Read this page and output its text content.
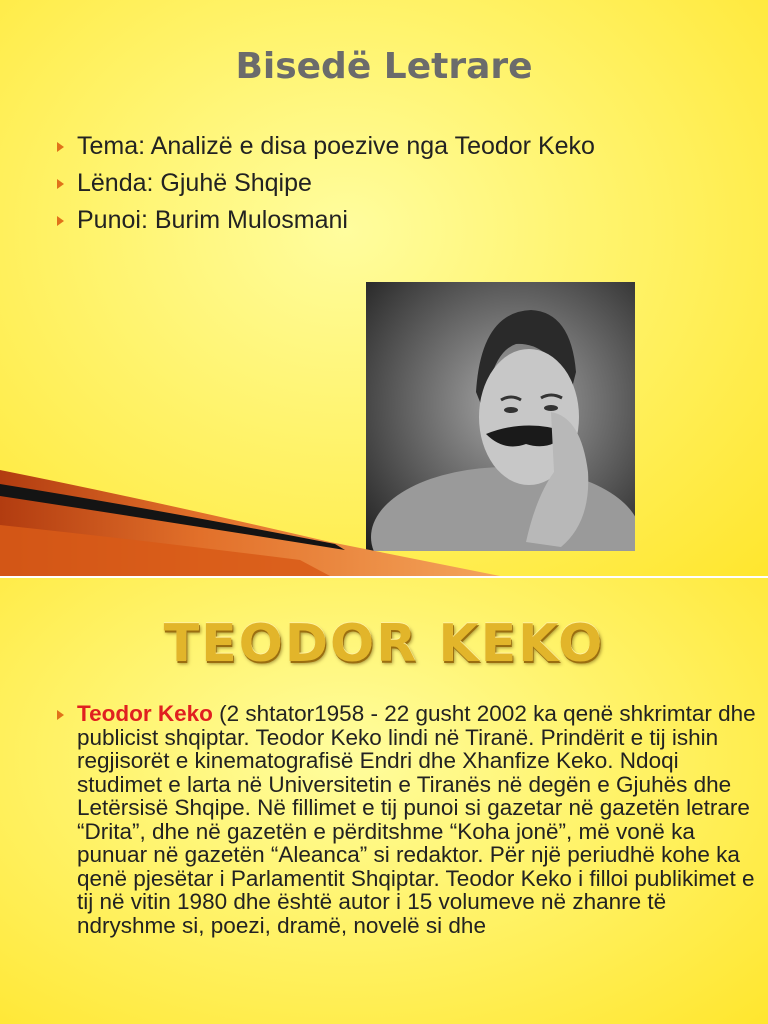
Bisedë Letrare
Tema: Analizë e disa poezive nga Teodor Keko
Lënda: Gjuhë Shqipe
Punoi: Burim Mulosmani
TEODOR KEKO
Teodor Keko (2 shtator1958 - 22 gusht 2002 ka qenë shkrimtar dhe publicist shqiptar. Teodor Keko lindi në Tiranë. Prindërit e tij ishin regjisorët e kinematografisë Endri dhe Xhanfize Keko. Ndoqi studimet e larta në Universitetin e Tiranës në degën e Gjuhës dhe Letërsisë Shqipe. Në fillimet e tij punoi si gazetar në gazetën letrare “Drita”, dhe në gazetën e përditshme “Koha jonë”, më vonë ka punuar në gazetën “Aleanca” si redaktor. Për një periudhë kohe ka qenë pjesëtar i Parlamentit Shqiptar. Teodor Keko i filloi publikimet e tij në vitin 1980 dhe është autor i 15 volumeve në zhanre të ndryshme si, poezi, dramë, novelë si dhe
